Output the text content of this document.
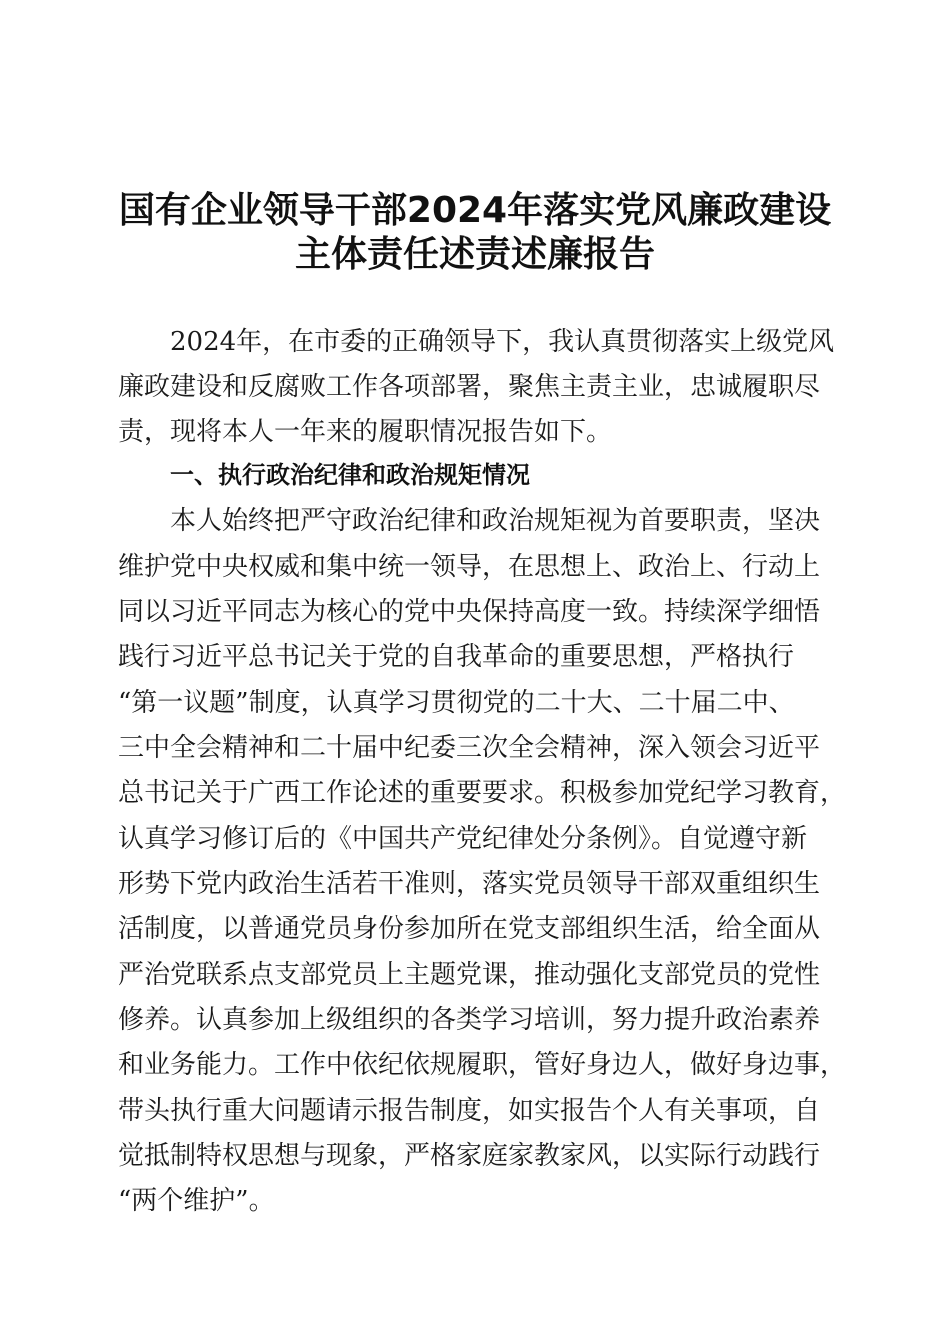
国有企业领导干部2024年落实党风廉政建设
主体责任述责述廉报告
2024年，在市委的正确领导下，我认真贯彻落实上级党风
廉政建设和反腐败工作各项部署，聚焦主责主业，忠诚履职尽
责，现将本人一年来的履职情况报告如下。
一、执行政治纪律和政治规矩情况
本人始终把严守政治纪律和政治规矩视为首要职责，坚决
维护党中央权威和集中统一领导，在思想上、政治上、行动上
同以习近平同志为核心的党中央保持高度一致。持续深学细悟
践行习近平总书记关于党的自我革命的重要思想，严格执行
“第一议题”制度，认真学习贯彻党的二十大、二十届二中、
三中全会精神和二十届中纪委三次全会精神，深入领会习近平
总书记关于广西工作论述的重要要求。积极参加党纪学习教育，
认真学习修订后的《中国共产党纪律处分条例》。自觉遵守新
形势下党内政治生活若干准则，落实党员领导干部双重组织生
活制度，以普通党员身份参加所在党支部组织生活，给全面从
严治党联系点支部党员上主题党课，推动强化支部党员的党性
修养。认真参加上级组织的各类学习培训，努力提升政治素养
和业务能力。工作中依纪依规履职，管好身边人，做好身边事，
带头执行重大问题请示报告制度，如实报告个人有关事项，自
觉抵制特权思想与现象，严格家庭家教家风，以实际行动践行
“两个维护”。
